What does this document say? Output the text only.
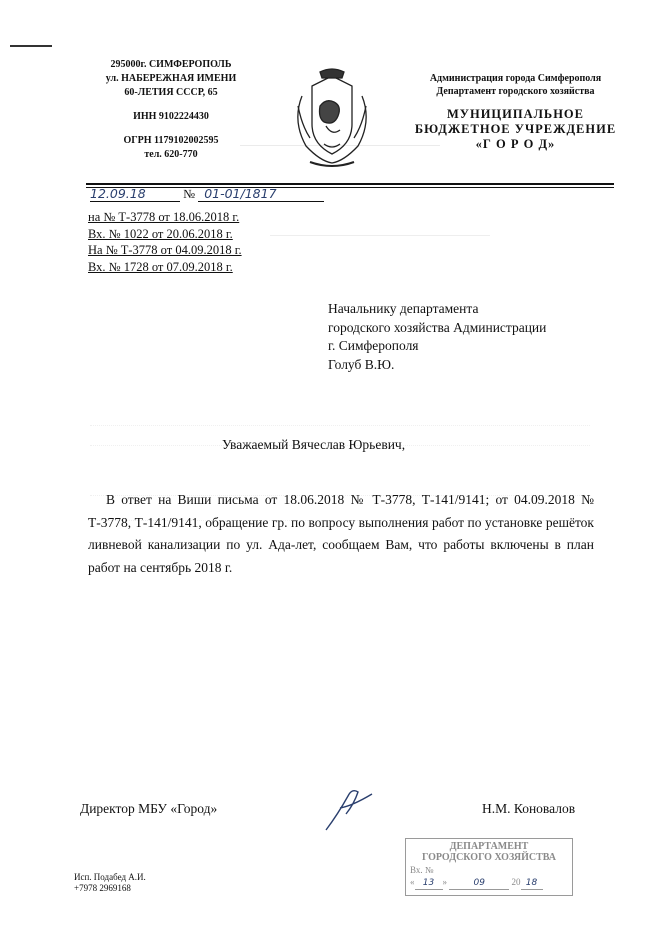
295000г. СИМФЕРОПОЛЬ
ул. НАБЕРЕЖНАЯ ИМЕНИ
60-ЛЕТИЯ СССР, 65
ИНН 9102224430
ОГРН 1179102002595
тел. 620-770
Администрация города Симферополя
Департамент городского хозяйства
МУНИЦИПАЛЬНОЕ
БЮДЖЕТНОЕ УЧРЕЖДЕНИЕ
«Г О Р О Д»
12.09.18	№ 01-01/1817
на № Т-3778 от 18.06.2018 г.
Вх. № 1022 от 20.06.2018 г.
На № Т-3778 от 04.09.2018 г.
Вх. № 1728 от 07.09.2018 г.
Начальнику департамента
городского хозяйства Администрации
г. Симферополя
Голуб В.Ю.
Уважаемый Вячеслав Юрьевич,
В ответ на Виши письма от 18.06.2018 № Т-3778, Т-141/9141; от 04.09.2018 № Т-3778, Т-141/9141, обращение гр. по вопросу выполнения работ по установке решёток ливневой канализации по ул. Ада-лет, сообщаем Вам, что работы включены в план работ на сентябрь 2018 г.
Директор МБУ «Город»	Н.М. Коновалов
Исп. Подабед А.И.
+7978 2969168
ДЕПАРТАМЕНТ
ГОРОДСКОГО ХОЗЯЙСТВА
Вх. №
« 13 »	09	20 18
